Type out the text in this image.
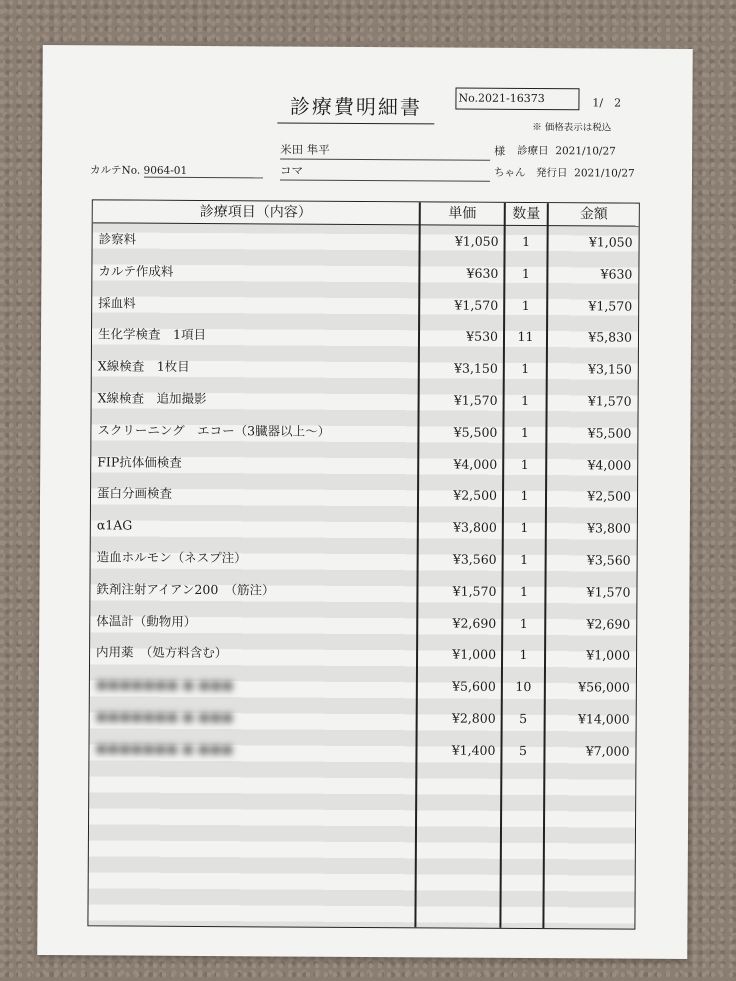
診療費明細書	No.2021-16373	1/　2
※ 価格表示は税込
米田 隼平	様 診療日 2021/10/27
カルテNo. 9064-01	コマ	ちゃん 発行日 2021/10/27
診療項目（内容）	単価	数量	金額
診察料	¥1,050	1	¥1,050
カルテ作成料	¥630	1	¥630
採血料	¥1,570	1	¥1,570
生化学検査　1項目	¥530	11	¥5,830
X線検査　1枚目	¥3,150	1	¥3,150
X線検査　追加撮影	¥1,570	1	¥1,570
スクリーニング　エコー（3臓器以上～）	¥5,500	1	¥5,500
FIP抗体価検査	¥4,000	1	¥4,000
蛋白分画検査	¥2,500	1	¥2,500
α1AG	¥3,800	1	¥3,800
造血ホルモン（ネスプ注）	¥3,560	1	¥3,560
鉄剤注射アイアン200　（筋注）	¥1,570	1	¥1,570
体温計（動物用）	¥2,690	1	¥2,690
内用薬　（処方料含む）	¥1,000	1	¥1,000
■■■■■■■ ■ ■■■	¥5,600	10	¥56,000
■■■■■■■ ■ ■■■	¥2,800	5	¥14,000
■■■■■■■ ■ ■■■	¥1,400	5	¥7,000
